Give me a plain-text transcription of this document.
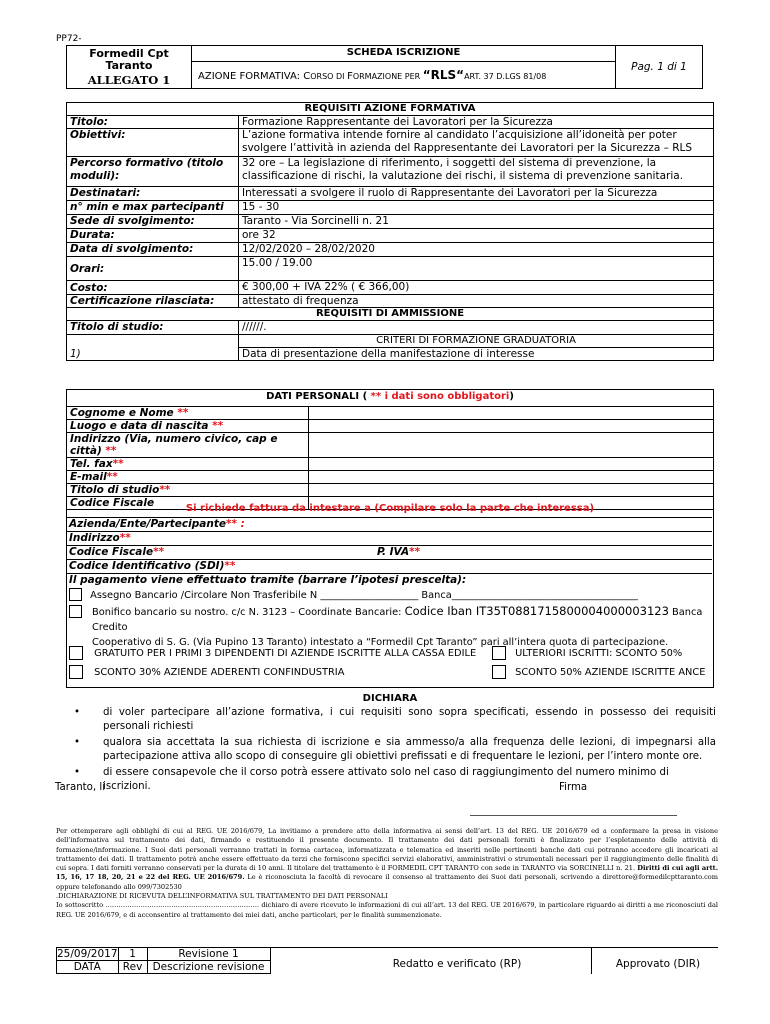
PP72-
Formedil Cpt Taranto
ALLEGATO 1
	SCHEDA ISCRIZIONE	Pag. 1 di 1
AZIONE FORMATIVA: CORSO DI FORMAZIONE PER “RLS“ART. 37 D.LGS 81/08
REQUISITI AZIONE FORMATIVA	
Titolo:	Formazione Rappresentante dei Lavoratori per la Sicurezza
Obiettivi:	L’azione formativa intende fornire al candidato l’acquisizione all’idoneità per poter svolgere l’attività in azienda del Rappresentante dei Lavoratori per la Sicurezza – RLS
Percorso formativo (titolo moduli):	32 ore – La legislazione di riferimento, i soggetti del sistema di prevenzione, la classificazione di rischi, la valutazione dei rischi, il sistema di prevenzione sanitaria.
Destinatari:	Interessati a svolgere il ruolo di Rappresentante dei Lavoratori per la Sicurezza
n° min e max partecipanti	15 - 30
Sede di svolgimento:	Taranto - Via Sorcinelli n. 21
Durata:	ore 32
Data di svolgimento:	12/02/2020 – 28/02/2020
Orari:	15.00 / 19.00
Costo:	€ 300,00 + IVA 22% ( € 366,00)
Certificazione rilasciata:	attestato di frequenza
REQUISITI DI AMMISSIONE	
Titolo di studio:	//////.
	CRITERI DI FORMAZIONE GRADUATORIA
1)	Data di presentazione della manifestazione di interesse
DATI PERSONALI ( ** i dati sono obbligatori)
Cognome e Nome **	
Luogo e data di nascita **	
Indirizzo (Via, numero civico, cap e città) **	
Tel. fax**	
E-mail**	
Titolo di studio**	
Codice Fiscale		Si richiede fattura da intestare a (Compilare solo la parte che interessa)
Azienda/Ente/Partecipante** :
Indirizzo**
Codice Fiscale**	P. IVA**
Codice Identificativo (SDI)**
Il pagamento viene effettuato tramite (barrare l’ipotesi prescelta):
Assegno Bancario /Circolare Non Trasferibile N ____________________ Banca______________________________________
Bonifico bancario su nostro. c/c N. 3123 – Coordinate Bancarie: Codice Iban IT35T0881715800004000003123 Banca Credito
Cooperativo di S. G. (Via Pupino 13 Taranto) intestato a “Formedil Cpt Taranto” pari all’intera quota di partecipazione.
GRATUITO PER I PRIMI 3 DIPENDENTI DI AZIENDE ISCRITTE ALLA CASSA EDILE
SCONTO 30% AZIENDE ADERENTI CONFINDUSTRIA
ULTERIORI ISCRITTI: SCONTO 50%
SCONTO 50% AZIENDE ISCRITTE ANCE
DICHIARA
• di voler partecipare all’azione formativa, i cui requisiti sono sopra specificati, essendo in possesso dei requisiti personali richiesti
• qualora sia accettata la sua richiesta di iscrizione e sia ammesso/a alla frequenza delle lezioni, di impegnarsi alla partecipazione attiva allo scopo di conseguire gli obiettivi prefissati e di frequentare le lezioni, per l’intero monte ore.
• di essere consapevole che il corso potrà essere attivato solo nel caso di raggiungimento del numero minimo di iscrizioni.
Taranto, li	Firma
Per ottemperare agli obblighi di cui al REG. UE 2016/679, La invitiamo a prendere atto della informativa ai sensi dell’art. 13 del REG. UE 2016/679 ed a confermare la presa in visione dell’informativa sul trattamento dei dati, firmando e restituendo il presente documento. Il trattamento dei dati personali forniti è finalizzato per l’espletamento delle attività di formazione/informazione. I Suoi dati personali verranno trattati in forma cartacea, informatizzata e telematica ed inseriti nelle pertinenti banche dati cui potranno accedere gli incaricati al trattamento dei dati. Il trattamento potrà anche essere effettuato da terzi che forniscono specifici servizi elaborativi, amministrativi o strumentali necessari per il raggiungimento delle finalità di cui sopra. I dati forniti verranno conservati per la durata di 10 anni. Il titolare del trattamento è il FORMEDIL CPT TARANTO con sede in TARANTO via SORCINELLI n. 21. Diritti di cui agli artt. 15, 16, 17 18, 20, 21 e 22 del REG. UE 2016/679. Le è riconosciuta la facoltà di revocare il consenso al trattamento dei Suoi dati personali, scrivendo a direttore@formedilcpttaranto.com oppure telefonando allo 099/7302530
.DICHIARAZIONE DI RICEVUTA DELL’INFORMATIVA SUL TRATTAMENTO DEI DATI PERSONALI
Io sottoscritto ……………………………………………………………. dichiaro di avere ricevuto le informazioni di cui all’art. 13 del REG. UE 2016/679, in particolare riguardo ai diritti a me riconosciuti dal REG. UE 2016/679, e di acconsentire al trattamento dei miei dati, anche particolari, per le finalità summenzionate.
25/09/2017	1	Revisione 1		
DATA	Rev	Descrizione revisione			Redatto e verificato (RP)	Approvato (DIR)
